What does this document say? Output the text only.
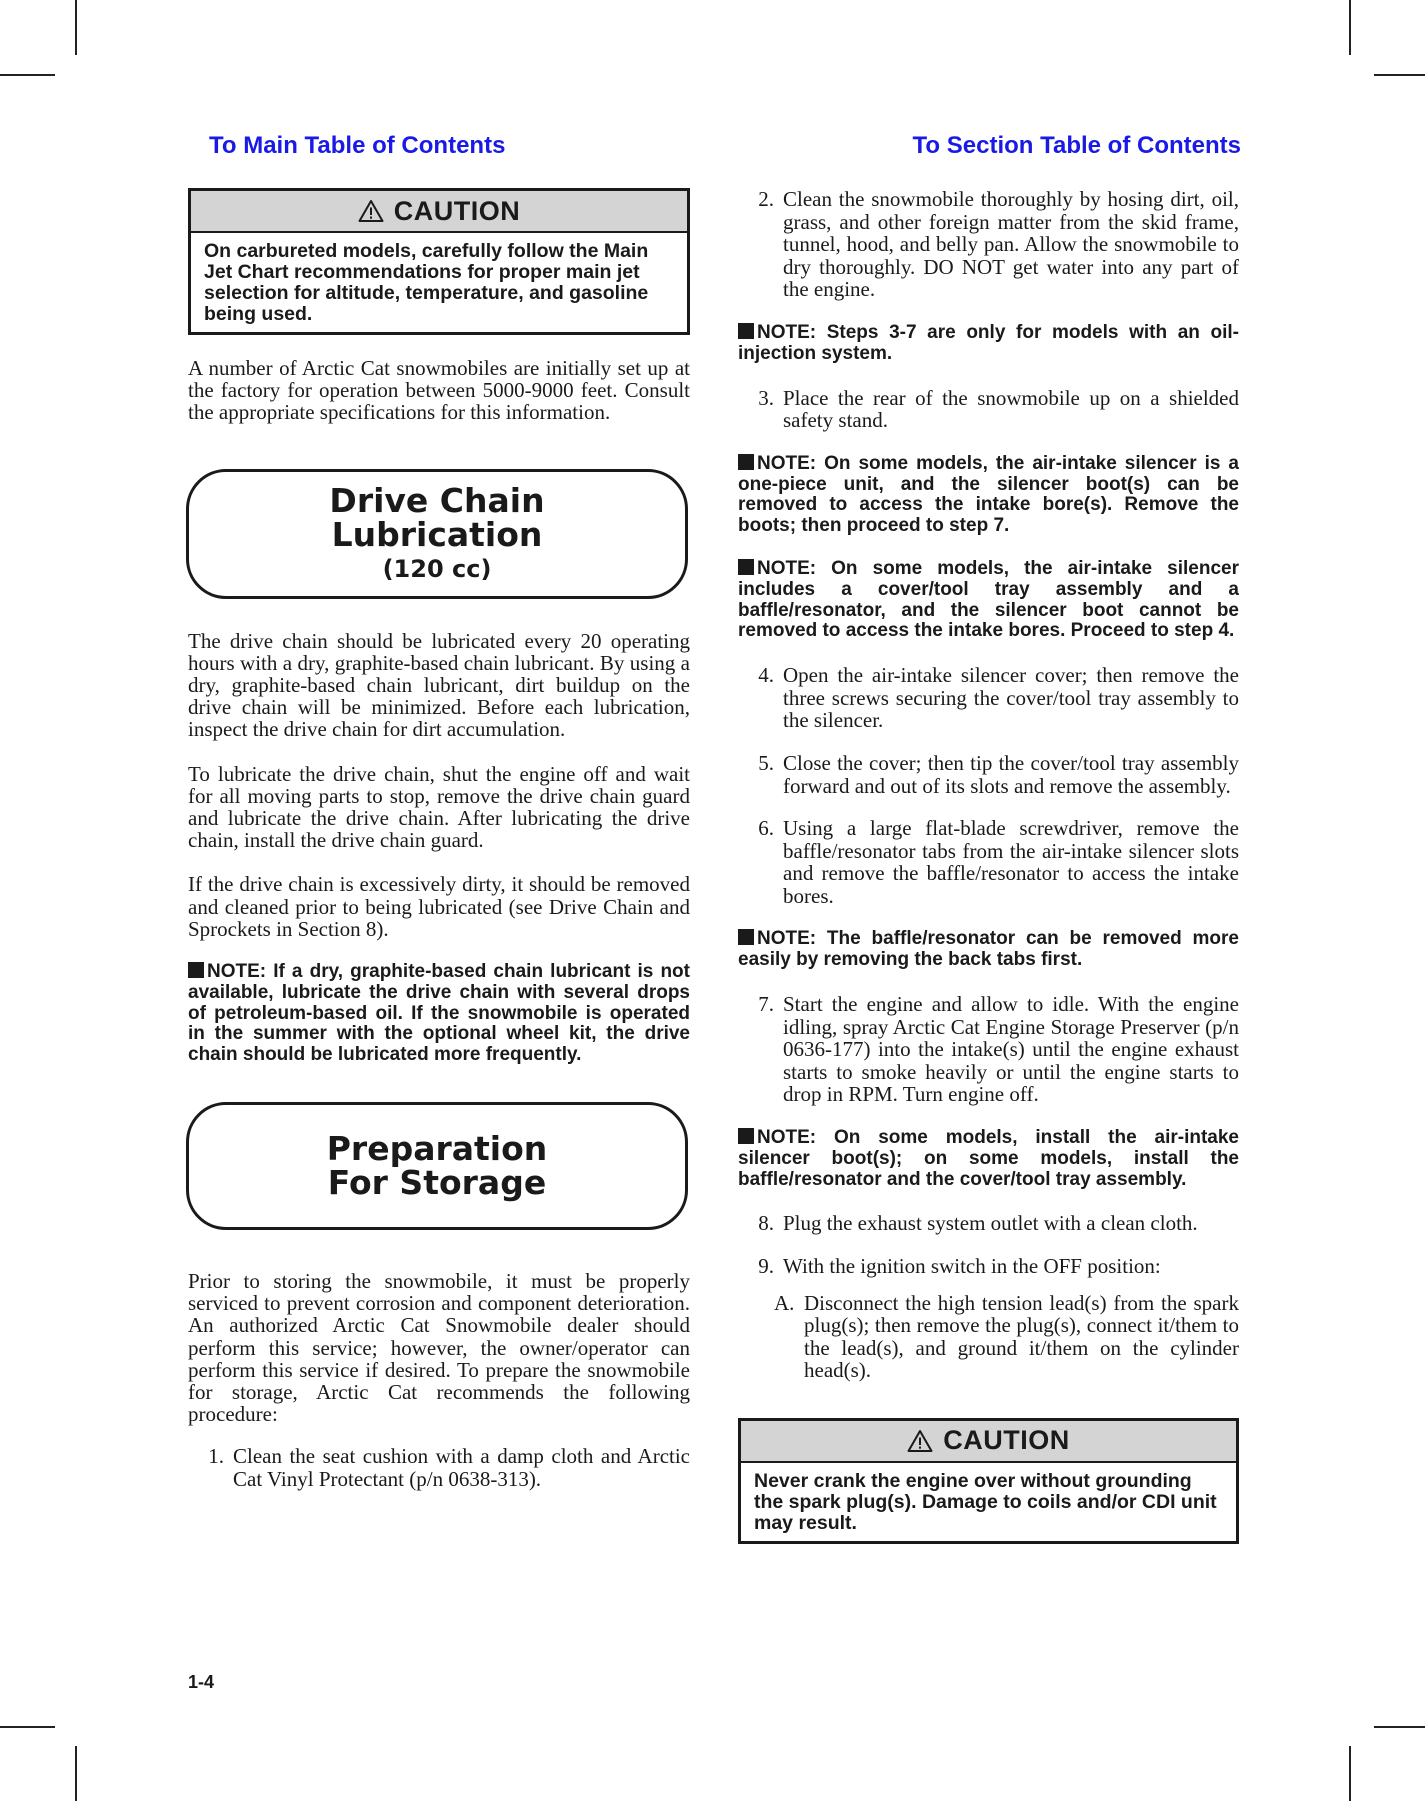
To Main Table of Contents	To Section Table of Contents
CAUTION
On carbureted models, carefully follow the Main Jet Chart recommendations for proper main jet selection for altitude, temperature, and gasoline being used.

A number of Arctic Cat snowmobiles are initially set up at the factory for operation between 5000-9000 feet. Consult the appropriate specifications for this information.

Drive Chain
Lubrication
(120 cc)

The drive chain should be lubricated every 20 operating hours with a dry, graphite-based chain lubricant. By using a dry, graphite-based chain lubricant, dirt buildup on the drive chain will be minimized. Before each lubrication, inspect the drive chain for dirt accumulation.

To lubricate the drive chain, shut the engine off and wait for all moving parts to stop, remove the drive chain guard and lubricate the drive chain. After lubricating the drive chain, install the drive chain guard.

If the drive chain is excessively dirty, it should be removed and cleaned prior to being lubricated (see Drive Chain and Sprockets in Section 8).

NOTE: If a dry, graphite-based chain lubricant is not available, lubricate the drive chain with several drops of petroleum-based oil. If the snowmobile is operated in the summer with the optional wheel kit, the drive chain should be lubricated more frequently.

Preparation
For Storage

Prior to storing the snowmobile, it must be properly serviced to prevent corrosion and component deterioration. An authorized Arctic Cat Snowmobile dealer should perform this service; however, the owner/operator can perform this service if desired. To prepare the snowmobile for storage, Arctic Cat recommends the following procedure:

1. Clean the seat cushion with a damp cloth and Arctic Cat Vinyl Protectant (p/n 0638-313).
2. Clean the snowmobile thoroughly by hosing dirt, oil, grass, and other foreign matter from the skid frame, tunnel, hood, and belly pan. Allow the snowmobile to dry thoroughly. DO NOT get water into any part of the engine.

NOTE: Steps 3-7 are only for models with an oil-injection system.

3. Place the rear of the snowmobile up on a shielded safety stand.

NOTE: On some models, the air-intake silencer is a one-piece unit, and the silencer boot(s) can be removed to access the intake bore(s). Remove the boots; then proceed to step 7.

NOTE: On some models, the air-intake silencer includes a cover/tool tray assembly and a baffle/resonator, and the silencer boot cannot be removed to access the intake bores. Proceed to step 4.

4. Open the air-intake silencer cover; then remove the three screws securing the cover/tool tray assembly to the silencer.
5. Close the cover; then tip the cover/tool tray assembly forward and out of its slots and remove the assembly.
6. Using a large flat-blade screwdriver, remove the baffle/resonator tabs from the air-intake silencer slots and remove the baffle/resonator to access the intake bores.

NOTE: The baffle/resonator can be removed more easily by removing the back tabs first.

7. Start the engine and allow to idle. With the engine idling, spray Arctic Cat Engine Storage Preserver (p/n 0636-177) into the intake(s) until the engine exhaust starts to smoke heavily or until the engine starts to drop in RPM. Turn engine off.

NOTE: On some models, install the air-intake silencer boot(s); on some models, install the baffle/resonator and the cover/tool tray assembly.

8. Plug the exhaust system outlet with a clean cloth.
9. With the ignition switch in the OFF position:
A. Disconnect the high tension lead(s) from the spark plug(s); then remove the plug(s), connect it/them to the lead(s), and ground it/them on the cylinder head(s).
CAUTION
Never crank the engine over without grounding the spark plug(s). Damage to coils and/or CDI unit may result.
1-4
